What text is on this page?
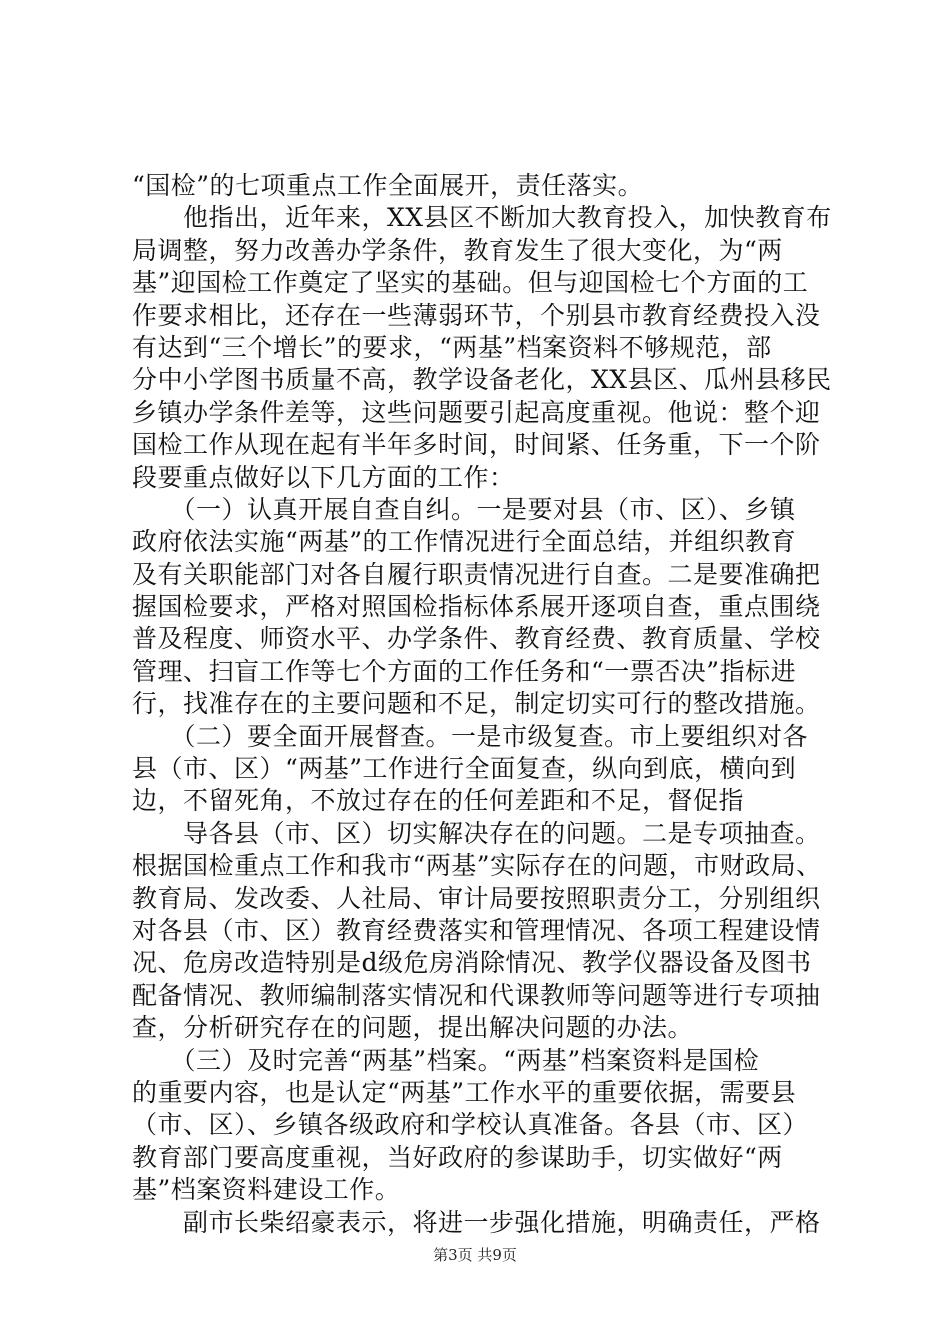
“国检”的七项重点工作全面展开，责任落实。
　　他指出，近年来，XX县区不断加大教育投入，加快教育布
局调整，努力改善办学条件，教育发生了很大变化，为“两
基”迎国检工作奠定了坚实的基础。但与迎国检七个方面的工
作要求相比，还存在一些薄弱环节，个别县市教育经费投入没
有达到“三个增长”的要求，“两基”档案资料不够规范，部
分中小学图书质量不高，教学设备老化，XX县区、瓜州县移民
乡镇办学条件差等，这些问题要引起高度重视。他说：整个迎
国检工作从现在起有半年多时间，时间紧、任务重，下一个阶
段要重点做好以下几方面的工作：
　　（一）认真开展自查自纠。一是要对县（市、区）、乡镇
政府依法实施“两基”的工作情况进行全面总结，并组织教育
及有关职能部门对各自履行职责情况进行自查。二是要准确把
握国检要求，严格对照国检指标体系展开逐项自查，重点围绕
普及程度、师资水平、办学条件、教育经费、教育质量、学校
管理、扫盲工作等七个方面的工作任务和“一票否决”指标进
行，找准存在的主要问题和不足，制定切实可行的整改措施。
　　（二）要全面开展督查。一是市级复查。市上要组织对各
县（市、区）“两基”工作进行全面复查，纵向到底，横向到
边，不留死角，不放过存在的任何差距和不足，督促指
　　导各县（市、区）切实解决存在的问题。二是专项抽查。
根据国检重点工作和我市“两基”实际存在的问题，市财政局、
教育局、发改委、人社局、审计局要按照职责分工，分别组织
对各县（市、区）教育经费落实和管理情况、各项工程建设情
况、危房改造特别是d级危房消除情况、教学仪器设备及图书
配备情况、教师编制落实情况和代课教师等问题等进行专项抽
查，分析研究存在的问题，提出解决问题的办法。
　　（三）及时完善“两基”档案。“两基”档案资料是国检
的重要内容，也是认定“两基”工作水平的重要依据，需要县
（市、区）、乡镇各级政府和学校认真准备。各县（市、区）
教育部门要高度重视，当好政府的参谋助手，切实做好“两
基”档案资料建设工作。
　　副市长柴绍豪表示，将进一步强化措施，明确责任，严格
第3页 共9页
